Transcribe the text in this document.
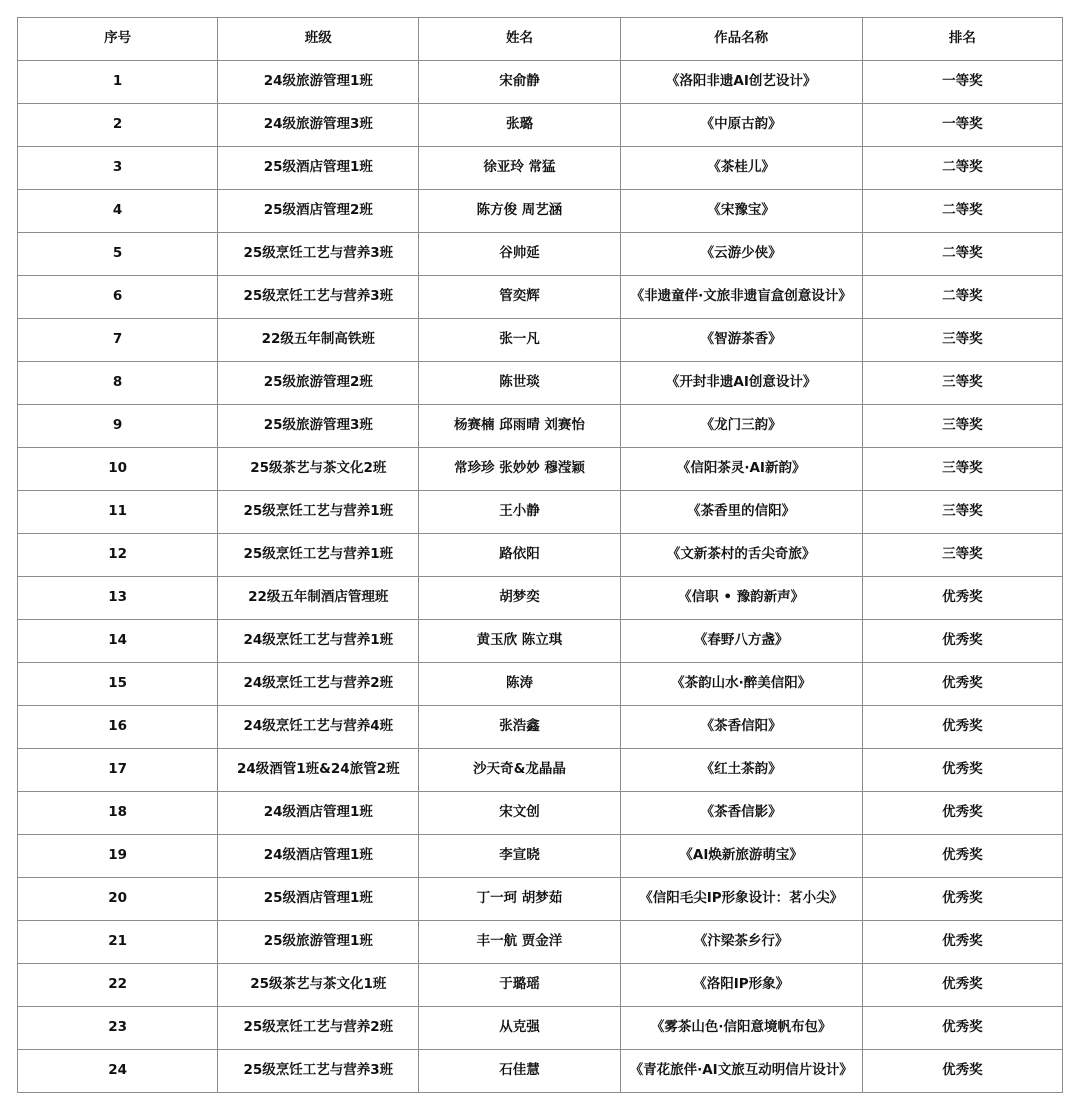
序号	班级	姓名	作品名称	排名
1	24级旅游管理1班	宋俞静	《洛阳非遗AI创艺设计》	一等奖
2	24级旅游管理3班	张璐	《中原古韵》	一等奖
3	25级酒店管理1班	徐亚玲 常猛	《茶桂儿》	二等奖
4	25级酒店管理2班	陈方俊 周艺涵	《宋豫宝》	二等奖
5	25级烹饪工艺与营养3班	谷帅延	《云游少侠》	二等奖
6	25级烹饪工艺与营养3班	管奕辉	《非遗童伴·文旅非遗盲盒创意设计》	二等奖
7	22级五年制高铁班	张一凡	《智游茶香》	三等奖
8	25级旅游管理2班	陈世琰	《开封非遗AI创意设计》	三等奖
9	25级旅游管理3班	杨赛楠 邱雨晴 刘赛怡	《龙门三韵》	三等奖
10	25级茶艺与茶文化2班	常珍珍 张妙妙 穆滢颖	《信阳茶灵·AI新韵》	三等奖
11	25级烹饪工艺与营养1班	王小静	《茶香里的信阳》	三等奖
12	25级烹饪工艺与营养1班	路依阳	《文新茶村的舌尖奇旅》	三等奖
13	22级五年制酒店管理班	胡梦奕	《信职 • 豫韵新声》	优秀奖
14	24级烹饪工艺与营养1班	黄玉欣 陈立琪	《春野八方盏》	优秀奖
15	24级烹饪工艺与营养2班	陈涛	《茶韵山水·醉美信阳》	优秀奖
16	24级烹饪工艺与营养4班	张浩鑫	《茶香信阳》	优秀奖
17	24级酒管1班&24旅管2班	沙天奇&龙晶晶	《红土茶韵》	优秀奖
18	24级酒店管理1班	宋文创	《茶香信影》	优秀奖
19	24级酒店管理1班	李宣晓	《AI焕新旅游萌宝》	优秀奖
20	25级酒店管理1班	丁一珂 胡梦茹	《信阳毛尖IP形象设计：茗小尖》	优秀奖
21	25级旅游管理1班	丰一航 贾金洋	《汴梁茶乡行》	优秀奖
22	25级茶艺与茶文化1班	于璐瑶	《洛阳IP形象》	优秀奖
23	25级烹饪工艺与营养2班	从克强	《雾茶山色·信阳意境帆布包》	优秀奖
24	25级烹饪工艺与营养3班	石佳慧	《青花旅伴·AI文旅互动明信片设计》	优秀奖
